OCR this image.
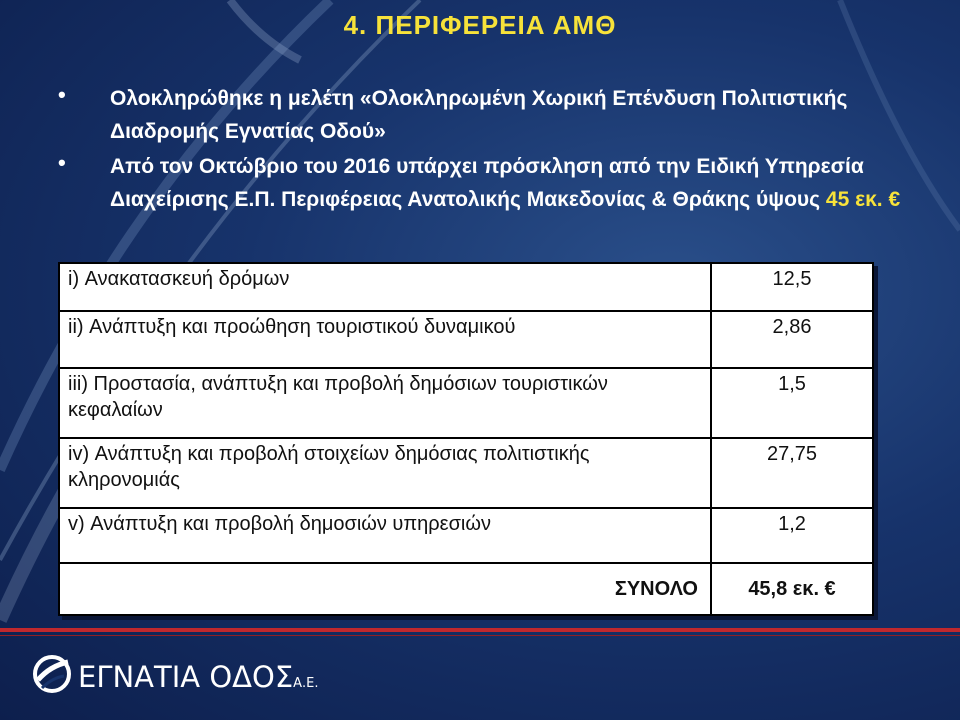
4. ΠΕΡΙΦΕΡΕΙΑ ΑΜΘ
• Ολοκληρώθηκε η μελέτη «Ολοκληρωμένη Χωρική Επένδυση Πολιτιστικής Διαδρομής Εγνατίας Οδού»
• Από τον Οκτώβριο του 2016 υπάρχει πρόσκληση από την Ειδική Υπηρεσία Διαχείρισης Ε.Π. Περιφέρειας Ανατολικής Μακεδονίας & Θράκης ύψους 45 εκ. €
i) Ανακατασκευή δρόμων	12,5
ii) Ανάπτυξη και προώθηση τουριστικού δυναμικού	2,86
iii) Προστασία, ανάπτυξη και προβολή δημόσιων τουριστικών κεφαλαίων	1,5
iv) Ανάπτυξη και προβολή στοιχείων δημόσιας πολιτιστικής κληρονομιάς	27,75
v) Ανάπτυξη και προβολή δημοσιών υπηρεσιών	1,2
ΣΥΝΟΛΟ	45,8 εκ. €
ΕΓΝΑΤΙΑ ΟΔΟΣΑ.Ε.
